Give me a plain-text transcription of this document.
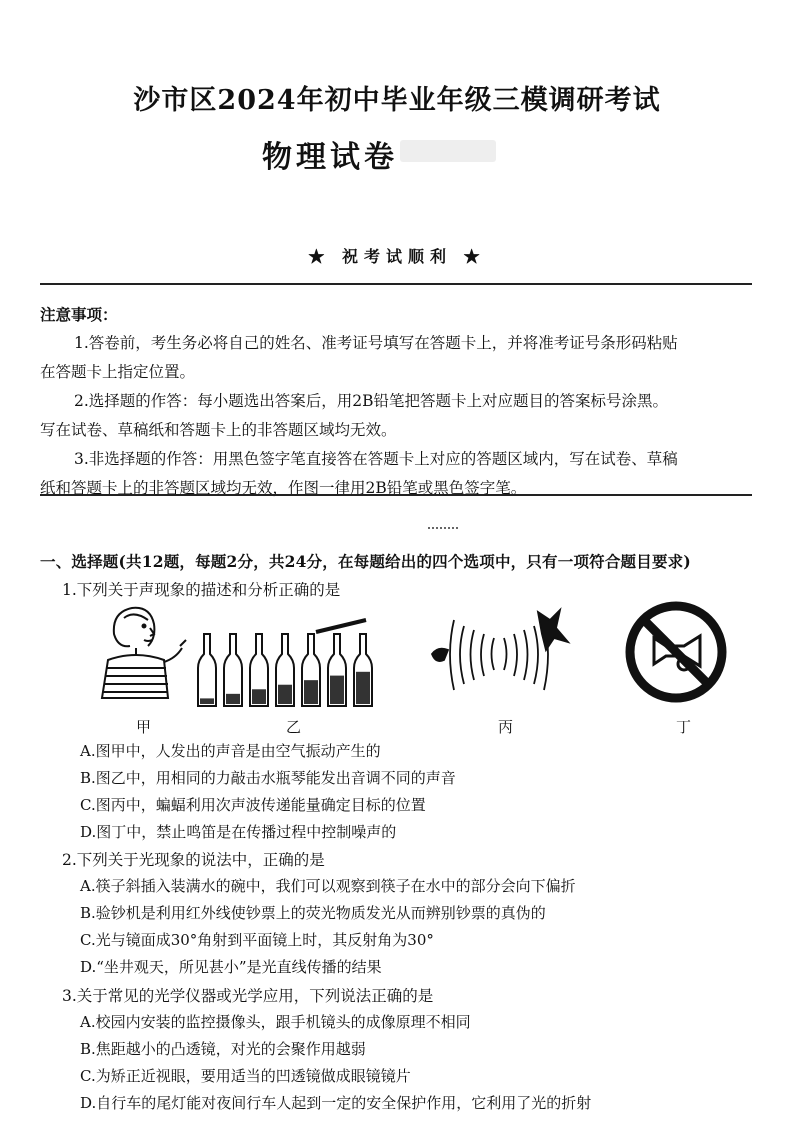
沙市区2024年初中毕业年级三模调研考试
物理试卷
★ 祝考试顺利 ★
注意事项：

1.答卷前，考生务必将自己的姓名、准考证号填写在答题卡上，并将准考证号条形码粘贴

在答题卡上指定位置。

2.选择题的作答：每小题选出答案后，用2B铅笔把答题卡上对应题目的答案标号涂黑。

写在试卷、草稿纸和答题卡上的非答题区域均无效。

3.非选择题的作答：用黑色签字笔直接答在答题卡上对应的答题区域内，写在试卷、草稿

纸和答题卡上的非答题区域均无效，作图一律用2B铅笔或黑色签字笔。

一、选择题(共12题，每题2分，共24分，在每题给出的四个选项中，只有一项符合题目要求)
1.下列关于声现象的描述和分析正确的是
甲	乙	丙	丁
A.图甲中，人发出的声音是由空气振动产生的
B.图乙中，用相同的力敲击水瓶琴能发出音调不同的声音
C.图丙中，蝙蝠利用次声波传递能量确定目标的位置
D.图丁中，禁止鸣笛是在传播过程中控制噪声的
2.下列关于光现象的说法中，正确的是
A.筷子斜插入装满水的碗中，我们可以观察到筷子在水中的部分会向下偏折
B.验钞机是利用红外线使钞票上的荧光物质发光从而辨别钞票的真伪的
C.光与镜面成30°角射到平面镜上时，其反射角为30°
D.“坐井观天，所见甚小”是光直线传播的结果
3.关于常见的光学仪器或光学应用，下列说法正确的是
A.校园内安装的监控摄像头，跟手机镜头的成像原理不相同
B.焦距越小的凸透镜，对光的会聚作用越弱
C.为矫正近视眼，要用适当的凹透镜做成眼镜镜片
D.自行车的尾灯能对夜间行车人起到一定的安全保护作用，它利用了光的折射
